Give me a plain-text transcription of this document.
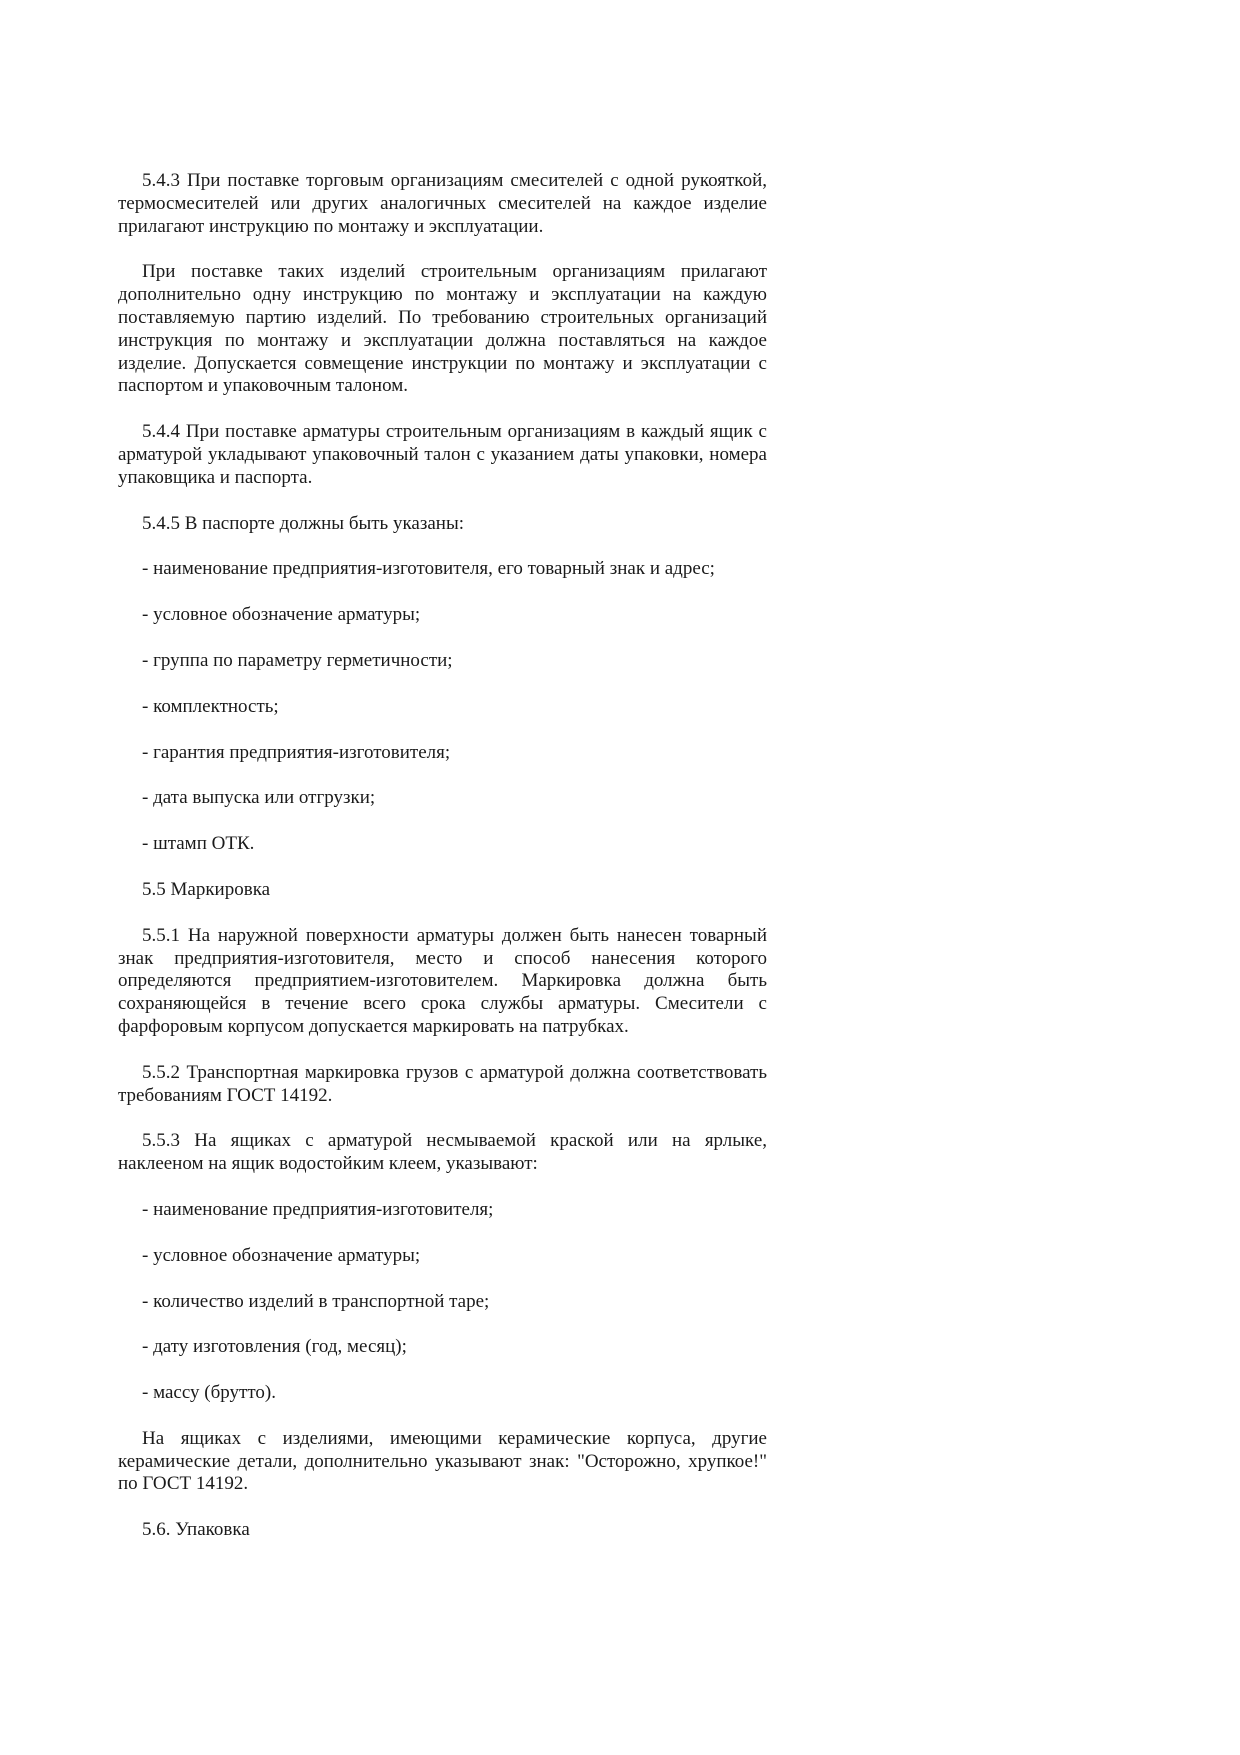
5.4.3 При поставке торговым организациям смесителей с одной рукояткой, термосмесителей или других аналогичных смесителей на каждое изделие прилагают инструкцию по монтажу и эксплуатации.

При поставке таких изделий строительным организациям прилагают дополнительно одну инструкцию по монтажу и эксплуатации на каждую поставляемую партию изделий. По требованию строительных организаций инструкция по монтажу и эксплуатации должна поставляться на каждое изделие. Допускается совмещение инструкции по монтажу и эксплуатации с паспортом и упаковочным талоном.

5.4.4 При поставке арматуры строительным организациям в каждый ящик с арматурой укладывают упаковочный талон с указанием даты упаковки, номера упаковщика и паспорта.

5.4.5 В паспорте должны быть указаны:

- наименование предприятия-изготовителя, его товарный знак и адрес;

- условное обозначение арматуры;

- группа по параметру герметичности;

- комплектность;

- гарантия предприятия-изготовителя;

- дата выпуска или отгрузки;

- штамп ОТК.

5.5 Маркировка

5.5.1 На наружной поверхности арматуры должен быть нанесен товарный знак предприятия-изготовителя, место и способ нанесения которого определяются предприятием-изготовителем. Маркировка должна быть сохраняющейся в течение всего срока службы арматуры. Смесители с фарфоровым корпусом допускается маркировать на патрубках.

5.5.2 Транспортная маркировка грузов с арматурой должна соответствовать требованиям ГОСТ 14192.

5.5.3 На ящиках с арматурой несмываемой краской или на ярлыке, наклееном на ящик водостойким клеем, указывают:

- наименование предприятия-изготовителя;

- условное обозначение арматуры;

- количество изделий в транспортной таре;

- дату изготовления (год, месяц);

- массу (брутто).

На ящиках с изделиями, имеющими керамические корпуса, другие керамические детали, дополнительно указывают знак: "Осторожно, хрупкое!" по ГОСТ 14192.

5.6. Упаковка
